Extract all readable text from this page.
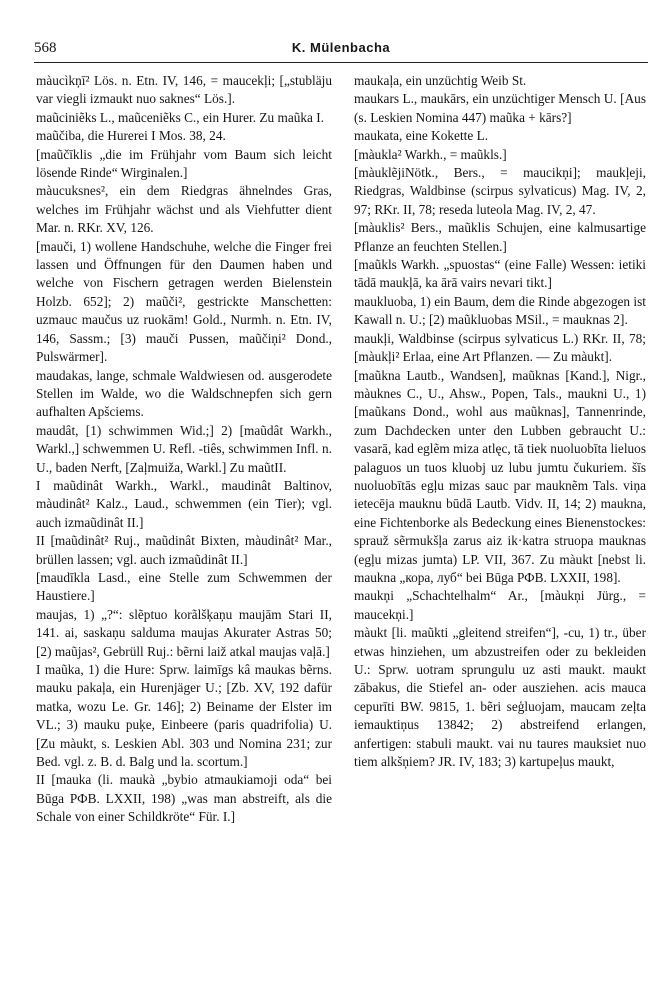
568	K. Mülenbacha

màucìkņī² Lös. n. Etn. IV, 146, = maucekļi; [„stubläju var viegli izmaukt nuo saknes“ Lös.].

maũciniẽks L., maũceniẽks C., ein Hurer. Zu maũka I.

maũčiba, die Hurerei I Mos. 38, 24.

[maũčīklis „die im Frühjahr vom Baum sich leicht lösende Rinde“ Wirginalen.]

màucuksnes², ein dem Riedgras ähnelndes Gras, welches im Frühjahr wächst und als Viehfutter dient Mar. n. RKr. XV, 126.

[mauči, 1) wollene Handschuhe, welche die Finger frei lassen und Öffnungen für den Daumen haben und welche von Fischern getragen werden Bielenstein Holzb. 652]; 2) maũči², gestrickte Manschetten: uzmauc maučus uz ruokām! Gold., Nurmh. n. Etn. IV, 146, Sassm.; [3) mauči Pussen, maũčiņi² Dond., Pulswärmer].

maudakas, lange, schmale Waldwiesen od. ausgerodete Stellen im Walde, wo die Waldschnepfen sich gern aufhalten Apšciems.

maudât, [1) schwimmen Wid.;] 2) [maũdât Warkh., Warkl.,] schwemmen U. Refl. -tiês, schwimmen Infl. n. U., baden Nerft, [Zaļmuiža, Warkl.] Zu maũtII.

I maũdinât Warkh., Warkl., maudinât Baltinov, màudinât² Kalz., Laud., schwemmen (ein Tier); vgl. auch izmaũdinât II.]

II [maũdinât² Ruj., maũdinât Bixten, màudinât² Mar., brüllen lassen; vgl. auch izmaũdinât II.]

[maudīkla Lasd., eine Stelle zum Schwemmen der Haustiere.]

maujas, 1) „?“: slẽptuo korãlšķaņu maujām Stari II, 141. ai, saskaņu salduma maujas Akurater Astras 50; [2) maũjas², Gebrüll Ruj.: bẽrni laiž atkal maujas vaļā.]

I maũka, 1) die Hure: Sprw. laimīgs kâ maukas bẽrns. mauku pakaļa, ein Hurenjäger U.; [Zb. XV, 192 dafür matka, wozu Le. Gr. 146]; 2) Beiname der Elster im VL.; 3) mauku puķe, Einbeere (paris quadrifolia) U. [Zu màukt, s. Leskien Abl. 303 und Nomina 231; zur Bed. vgl. z. B. d. Balg und la. scortum.]

II [mauka (li. maukà „bybio atmaukiamoji oda“ bei Būga РФВ. LXXII, 198) „was man abstreift, als die Schale von einer Schildkröte“ Für. I.]

maukaļa, ein unzüchtig Weib St.

maukars L., maukārs, ein unzüchtiger Mensch U. [Aus (s. Leskien Nomina 447) maũka + kārs?]

maukata, eine Kokette L.

[màukla² Warkh., = maũkls.]

[màuklẽjiNötk., Bers., = maucikņi]; maukļeji, Riedgras, Waldbinse (scirpus sylvaticus) Mag. IV, 2, 97; RKr. II, 78; reseda luteola Mag. IV, 2, 47.

[màuklis² Bers., maũklis Schujen, eine kalmusartige Pflanze an feuchten Stellen.]

[maũkls Warkh. „spuostas“ (eine Falle) Wessen: ietiki tādā maukļā, ka ārā vairs nevari tikt.]

maukluoba, 1) ein Baum, dem die Rinde abgezogen ist Kawall n. U.; [2) maũkluobas MSil., = mauknas 2].

maukļi, Waldbinse (scirpus sylvaticus L.) RKr. II, 78; [màukļi² Erlaa, eine Art Pflanzen. — Zu màukt].

[maũkna Lautb., Wandsen], maũknas [Kand.], Nigr., màuknes C., U., Ahsw., Popen, Tals., maukni U., 1) [maũkans Dond., wohl aus maũknas], Tannenrinde, zum Dachdecken unter den Lubben gebraucht U.: vasarā, kad eglẽm miza atlęc, tā tiek nuoluobīta lieluos palaguos un tuos kluobj uz lubu jumtu čukuriem. šīs nuoluobītās egļu mizas sauc par mauknẽm Tals. viņa ietecēja mauknu būdā Lautb. Vidv. II, 14; 2) maukna, eine Fichtenborke als Bedeckung eines Bienenstockes: sprauž sẽrmukšļa zarus aiz ik·katra struopa mauknas (egļu mizas jumta) LP. VII, 367. Zu màukt [nebst li. maukna „кора, луб“ bei Būga РФВ. LXXII, 198].

maukņi „Schachtelhalm“ Ar., [màukņi Jürg., = maucekņi.]

màukt [li. maũkti „gleitend streifen“], -cu, 1) tr., über etwas hinziehen, um abzustreifen oder zu bekleiden U.: Sprw. uotram sprungulu uz asti maukt. maukt zābakus, die Stiefel an- oder ausziehen. acis mauca cepurīti BW. 9815, 1. bẽri seģluojam, maucam zeļta iemauktiņus 13842; 2) abstreifend erlangen, anfertigen: stabuli maukt. vai nu taures mauksiet nuo tiem alkšņiem? JR. IV, 183; 3) kartupeļus maukt,
